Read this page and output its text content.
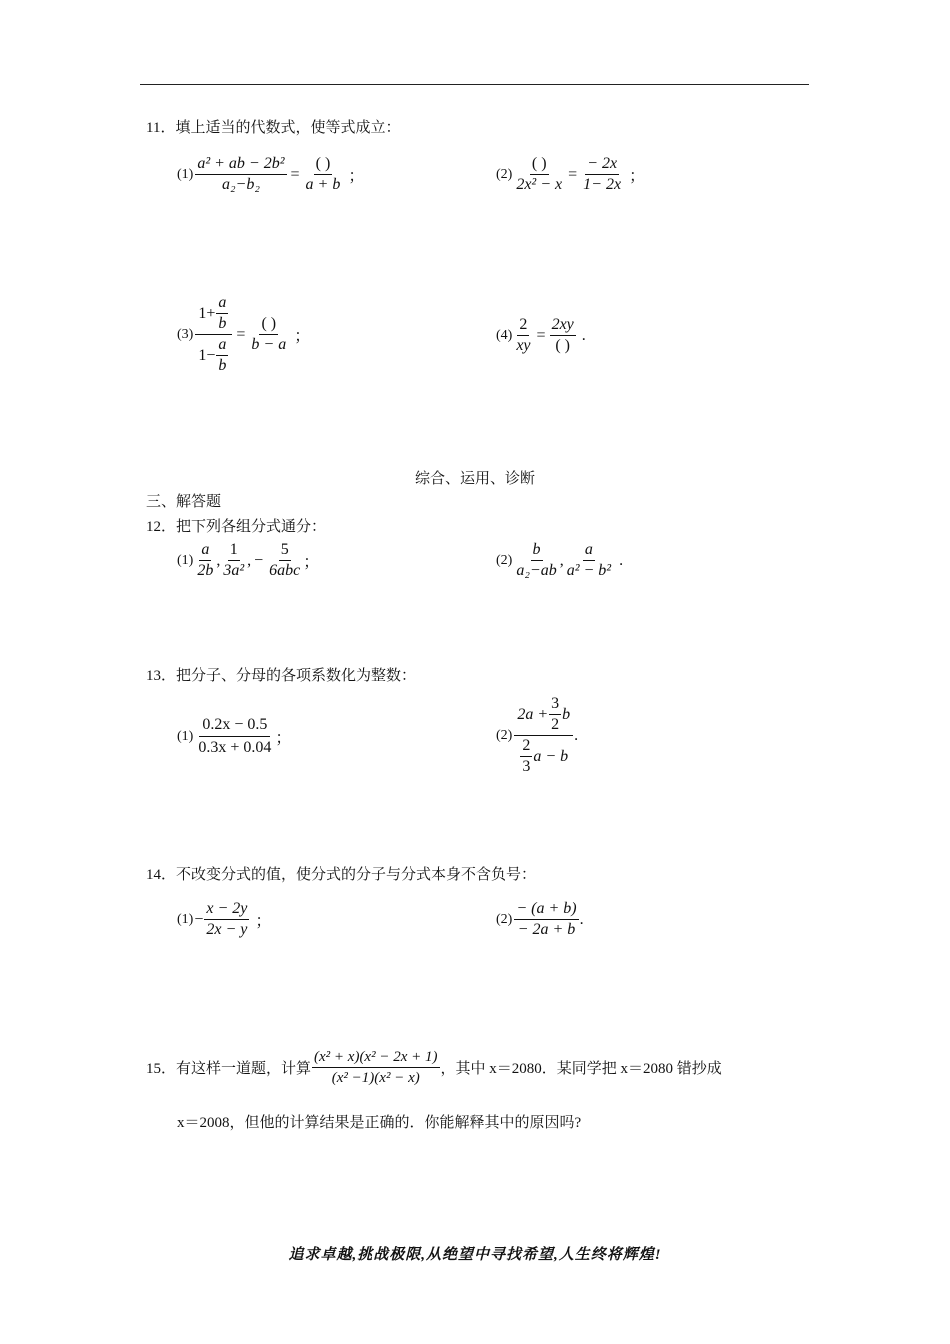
11．填上适当的代数式，使等式成立：
$(1) \frac{\text{a² + ab − 2b²}}{\text{a₂−b₂}} = \frac{( )}{a + b}$ ；	$(2) \frac{( )}{\text{2x² − x}} = \frac{- 2x}{1- 2x}$ ；
$(3) \frac{1+ \frac{a}{b}}{1- \frac{a}{b}} = \frac{( )}{b - a}$ ；	$(4) \frac{2}{xy} = \frac{2xy}{( )}$ .
综合、运用、诊断
三、解答题
12．把下列各组分式通分：
$(1) \frac{a}{2b}$ , $\frac{1}{\text{3a²}}$ , − $\frac{5}{\text{6abc}}$ ；	$(2) \frac{b}{\text{a₂−ab}}$ , $\frac{a}{\text{a² − b²}}$ .
13．把分子、分母的各项系数化为整数：
$(1) \frac{0.2x - 0.5}{0.3x + 0.04}$ ；	$(2) \frac{2a + \frac{3}{2} b}{\frac{2}{3} a - b}$ .
14．不改变分式的值，使分式的分子与分式本身不含负号：
$(1) - \frac{x - 2y}{2x - y}$ ；	$(2) \frac{- (a + b)}{- 2a + b}$ .
15．有这样一道题，计算 $\frac{\text{(x² + x)(x² − 2x + 1)}}{\text{(x² −1)(x² − x)}}$ ，其中 x＝2080．某同学把 x＝2080 错抄成
x＝2008，但他的计算结果是正确的．你能解释其中的原因吗?
追求卓越,挑战极限,从绝望中寻找希望,人生终将辉煌!
